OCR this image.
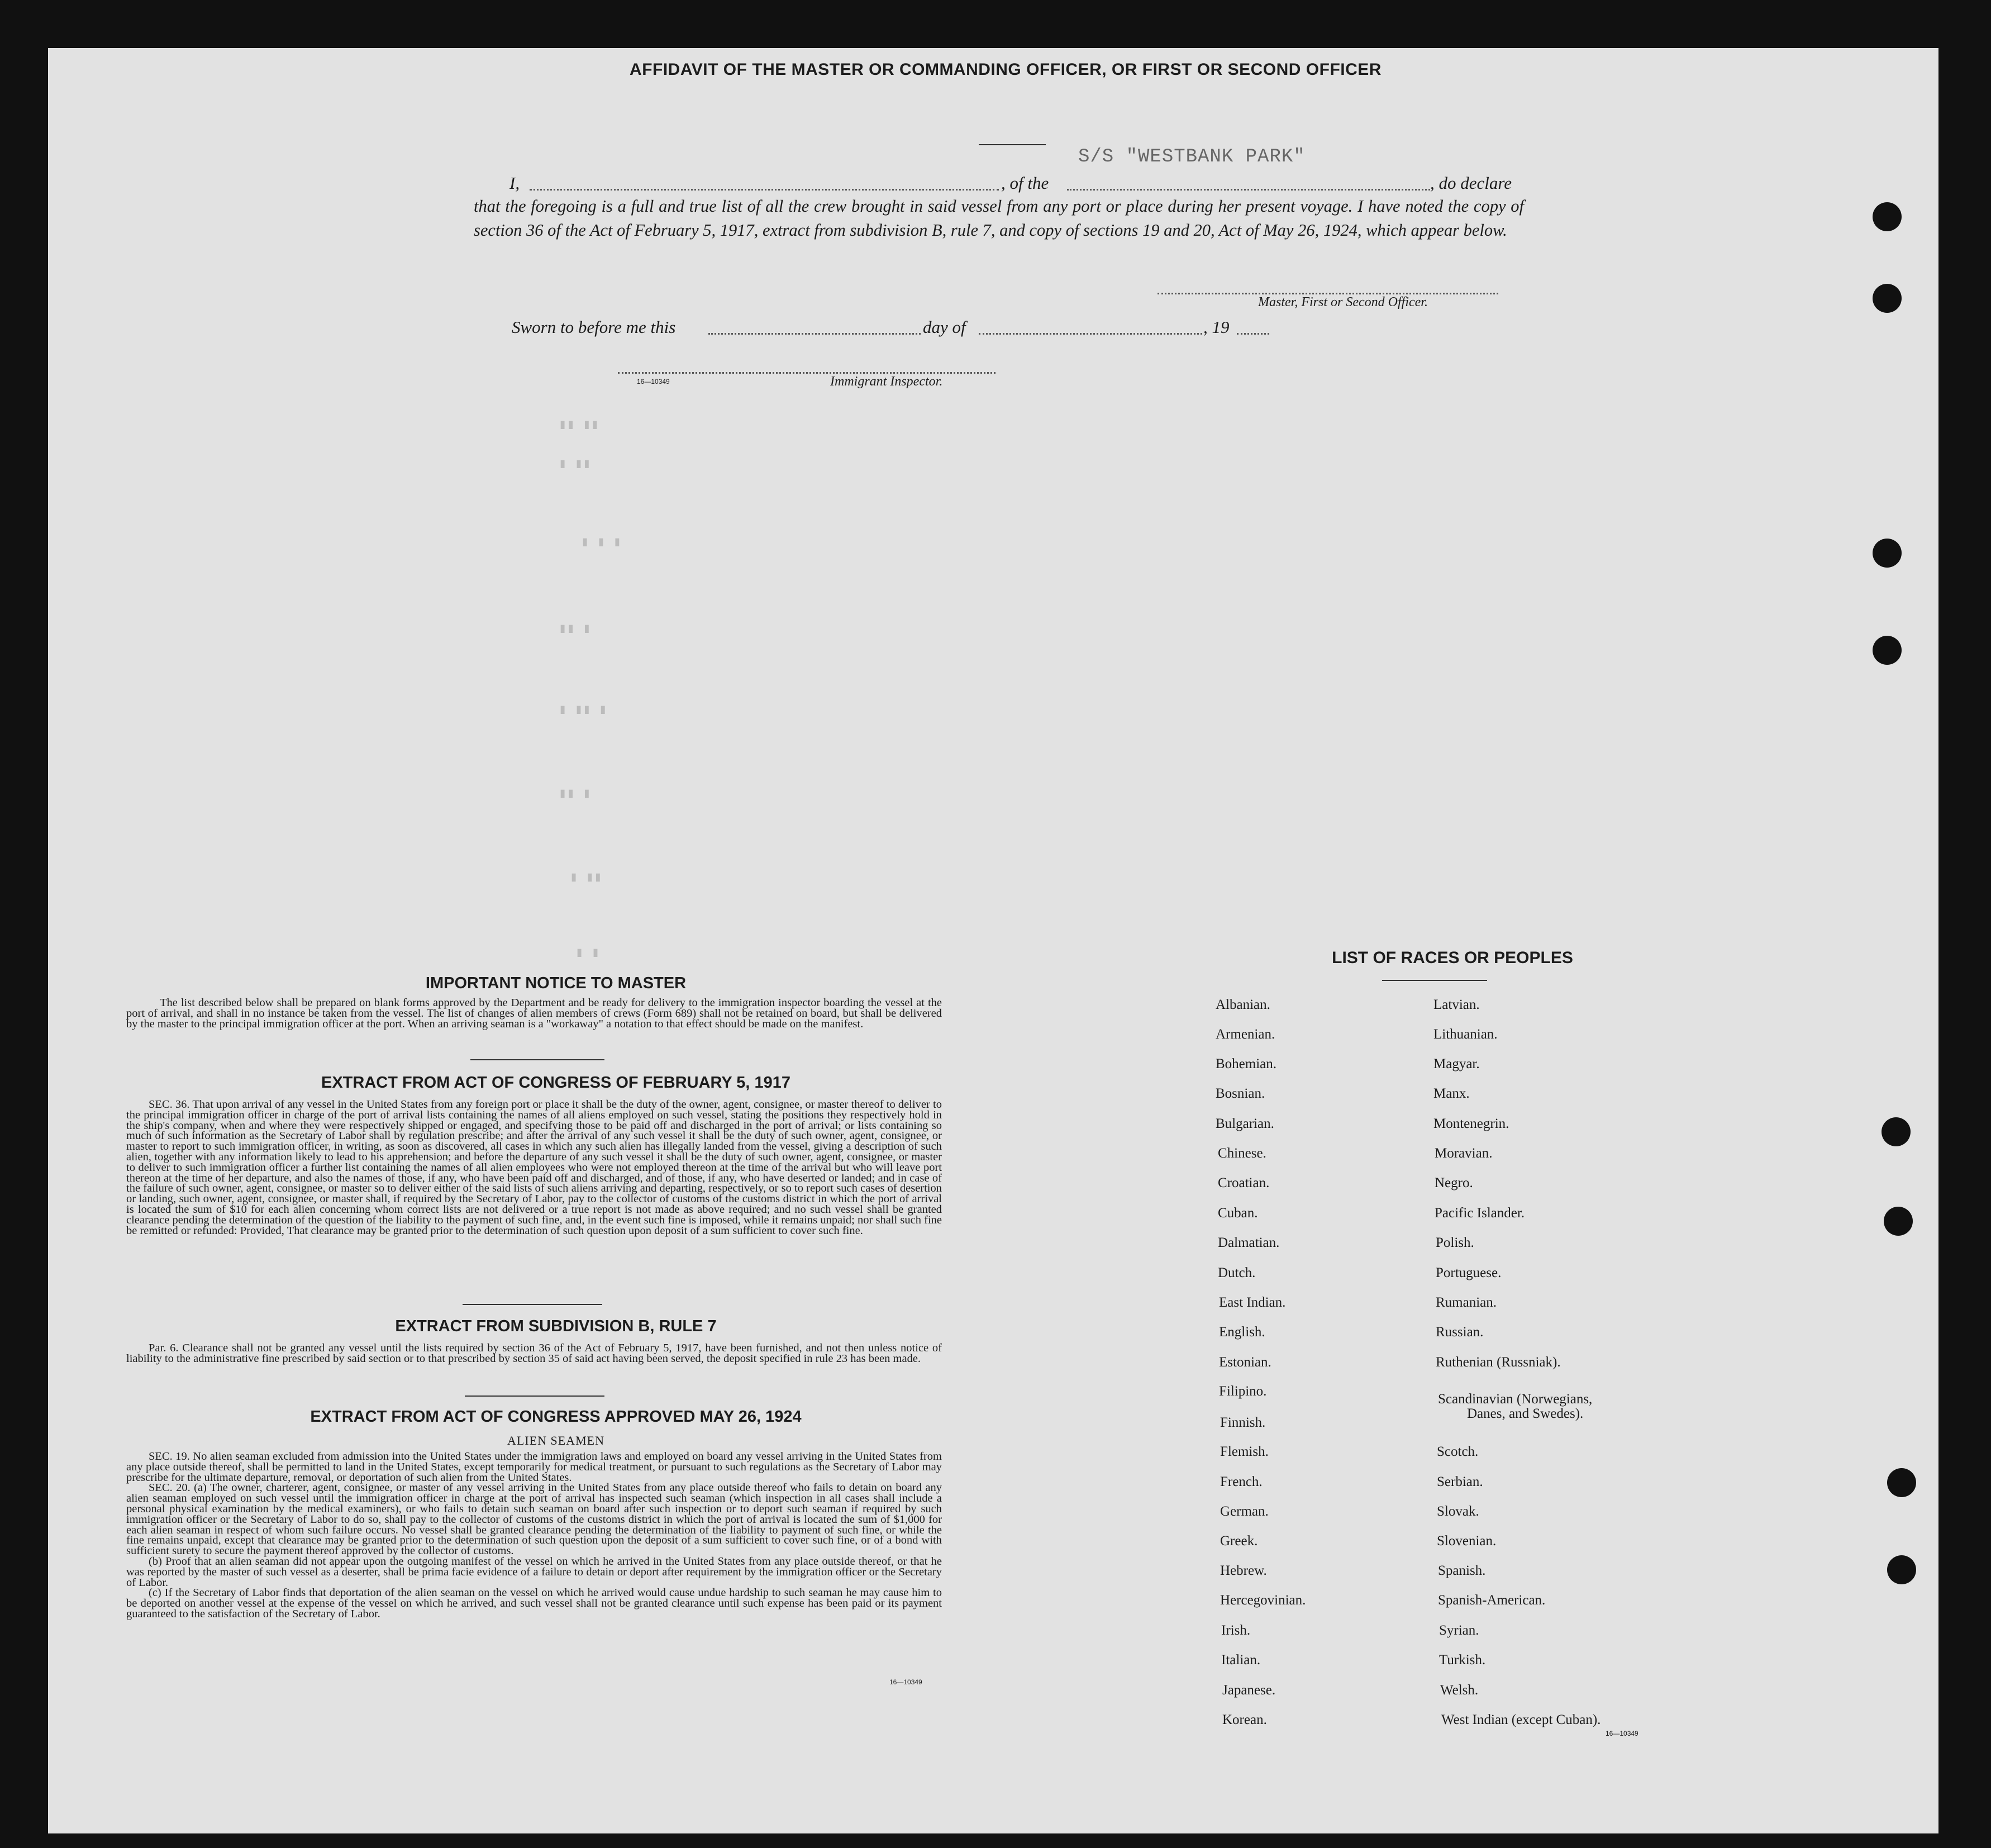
▮▮ ▮▮
▮ ▮▮
▮ ▮ ▮
▮▮ ▮
▮ ▮▮ ▮
▮▮ ▮
▮ ▮▮
▮ ▮
AFFIDAVIT OF THE MASTER OR COMMANDING OFFICER, OR FIRST OR SECOND OFFICER
I,	, of the
S/S "WESTBANK PARK"
, do declare
that the foregoing is a full and true list of all the crew brought in said vessel from any port or place during her present voyage. I have noted the copy of section 36 of the Act of February 5, 1917, extract from subdivision B, rule 7, and copy of sections 19 and 20, Act of May 26, 1924, which appear below.
Master, First or Second Officer.
Sworn to before me this	day of	, 19
16—10349	Immigrant Inspector.
IMPORTANT NOTICE TO MASTER
The list described below shall be prepared on blank forms approved by the Department and be ready for delivery to the immigration inspector boarding the vessel at the port of arrival, and shall in no instance be taken from the vessel. The list of changes of alien members of crews (Form 689) shall not be retained on board, but shall be delivered by the master to the principal immigration officer at the port. When an arriving seaman is a "workaway" a notation to that effect should be made on the manifest.
EXTRACT FROM ACT OF CONGRESS OF FEBRUARY 5, 1917
SEC. 36. That upon arrival of any vessel in the United States from any foreign port or place it shall be the duty of the owner, agent, consignee, or master thereof to deliver to the principal immigration officer in charge of the port of arrival lists containing the names of all aliens employed on such vessel, stating the positions they respectively hold in the ship's company, when and where they were respectively shipped or engaged, and specifying those to be paid off and discharged in the port of arrival; or lists containing so much of such information as the Secretary of Labor shall by regulation prescribe; and after the arrival of any such vessel it shall be the duty of such owner, agent, consignee, or master to report to such immigration officer, in writing, as soon as discovered, all cases in which any such alien has illegally landed from the vessel, giving a description of such alien, together with any information likely to lead to his apprehension; and before the departure of any such vessel it shall be the duty of such owner, agent, consignee, or master to deliver to such immigration officer a further list containing the names of all alien employees who were not employed thereon at the time of the arrival but who will leave port thereon at the time of her departure, and also the names of those, if any, who have been paid off and discharged, and of those, if any, who have deserted or landed; and in case of the failure of such owner, agent, consignee, or master so to deliver either of the said lists of such aliens arriving and departing, respectively, or so to report such cases of desertion or landing, such owner, agent, consignee, or master shall, if required by the Secretary of Labor, pay to the collector of customs of the customs district in which the port of arrival is located the sum of $10 for each alien concerning whom correct lists are not delivered or a true report is not made as above required; and no such vessel shall be granted clearance pending the determination of the question of the liability to the payment of such fine, and, in the event such fine is imposed, while it remains unpaid; nor shall such fine be remitted or refunded: Provided, That clearance may be granted prior to the determination of such question upon deposit of a sum sufficient to cover such fine.
EXTRACT FROM SUBDIVISION B, RULE 7
Par. 6. Clearance shall not be granted any vessel until the lists required by section 36 of the Act of February 5, 1917, have been furnished, and not then unless notice of liability to the administrative fine prescribed by said section or to that prescribed by section 35 of said act having been served, the deposit specified in rule 23 has been made.
EXTRACT FROM ACT OF CONGRESS APPROVED MAY 26, 1924
ALIEN SEAMEN
SEC. 19. No alien seaman excluded from admission into the United States under the immigration laws and employed on board any vessel arriving in the United States from any place outside thereof, shall be permitted to land in the United States, except temporarily for medical treatment, or pursuant to such regulations as the Secretary of Labor may prescribe for the ultimate departure, removal, or deportation of such alien from the United States.
SEC. 20. (a) The owner, charterer, agent, consignee, or master of any vessel arriving in the United States from any place outside thereof who fails to detain on board any alien seaman employed on such vessel until the immigration officer in charge at the port of arrival has inspected such seaman (which inspection in all cases shall include a personal physical examination by the medical examiners), or who fails to detain such seaman on board after such inspection or to deport such seaman if required by such immigration officer or the Secretary of Labor to do so, shall pay to the collector of customs of the customs district in which the port of arrival is located the sum of $1,000 for each alien seaman in respect of whom such failure occurs. No vessel shall be granted clearance pending the determination of the liability to payment of such fine, or while the fine remains unpaid, except that clearance may be granted prior to the determination of such question upon the deposit of a sum sufficient to cover such fine, or of a bond with sufficient surety to secure the payment thereof approved by the collector of customs.
(b) Proof that an alien seaman did not appear upon the outgoing manifest of the vessel on which he arrived in the United States from any place outside thereof, or that he was reported by the master of such vessel as a deserter, shall be prima facie evidence of a failure to detain or deport after requirement by the immigration officer or the Secretary of Labor.
(c) If the Secretary of Labor finds that deportation of the alien seaman on the vessel on which he arrived would cause undue hardship to such seaman he may cause him to be deported on another vessel at the expense of the vessel on which he arrived, and such vessel shall not be granted clearance until such expense has been paid or its payment guaranteed to the satisfaction of the Secretary of Labor.
16—10349
LIST OF RACES OR PEOPLES
Albanian.
Armenian.
Bohemian.
Bosnian.
Bulgarian.
Chinese.
Croatian.
Cuban.
Dalmatian.
Dutch.
East Indian.
English.
Estonian.
Filipino.
Finnish.
Flemish.
French.
German.
Greek.
Hebrew.
Hercegovinian.
Irish.
Italian.
Japanese.
Korean.
Latvian.
Lithuanian.
Magyar.
Manx.
Montenegrin.
Moravian.
Negro.
Pacific Islander.
Polish.
Portuguese.
Rumanian.
Russian.
Ruthenian (Russniak).
Scandinavian (Norwegians,
Danes, and Swedes).
Scotch.
Serbian.
Slovak.
Slovenian.
Spanish.
Spanish-American.
Syrian.
Turkish.
Welsh.
West Indian (except Cuban).
16—10349
